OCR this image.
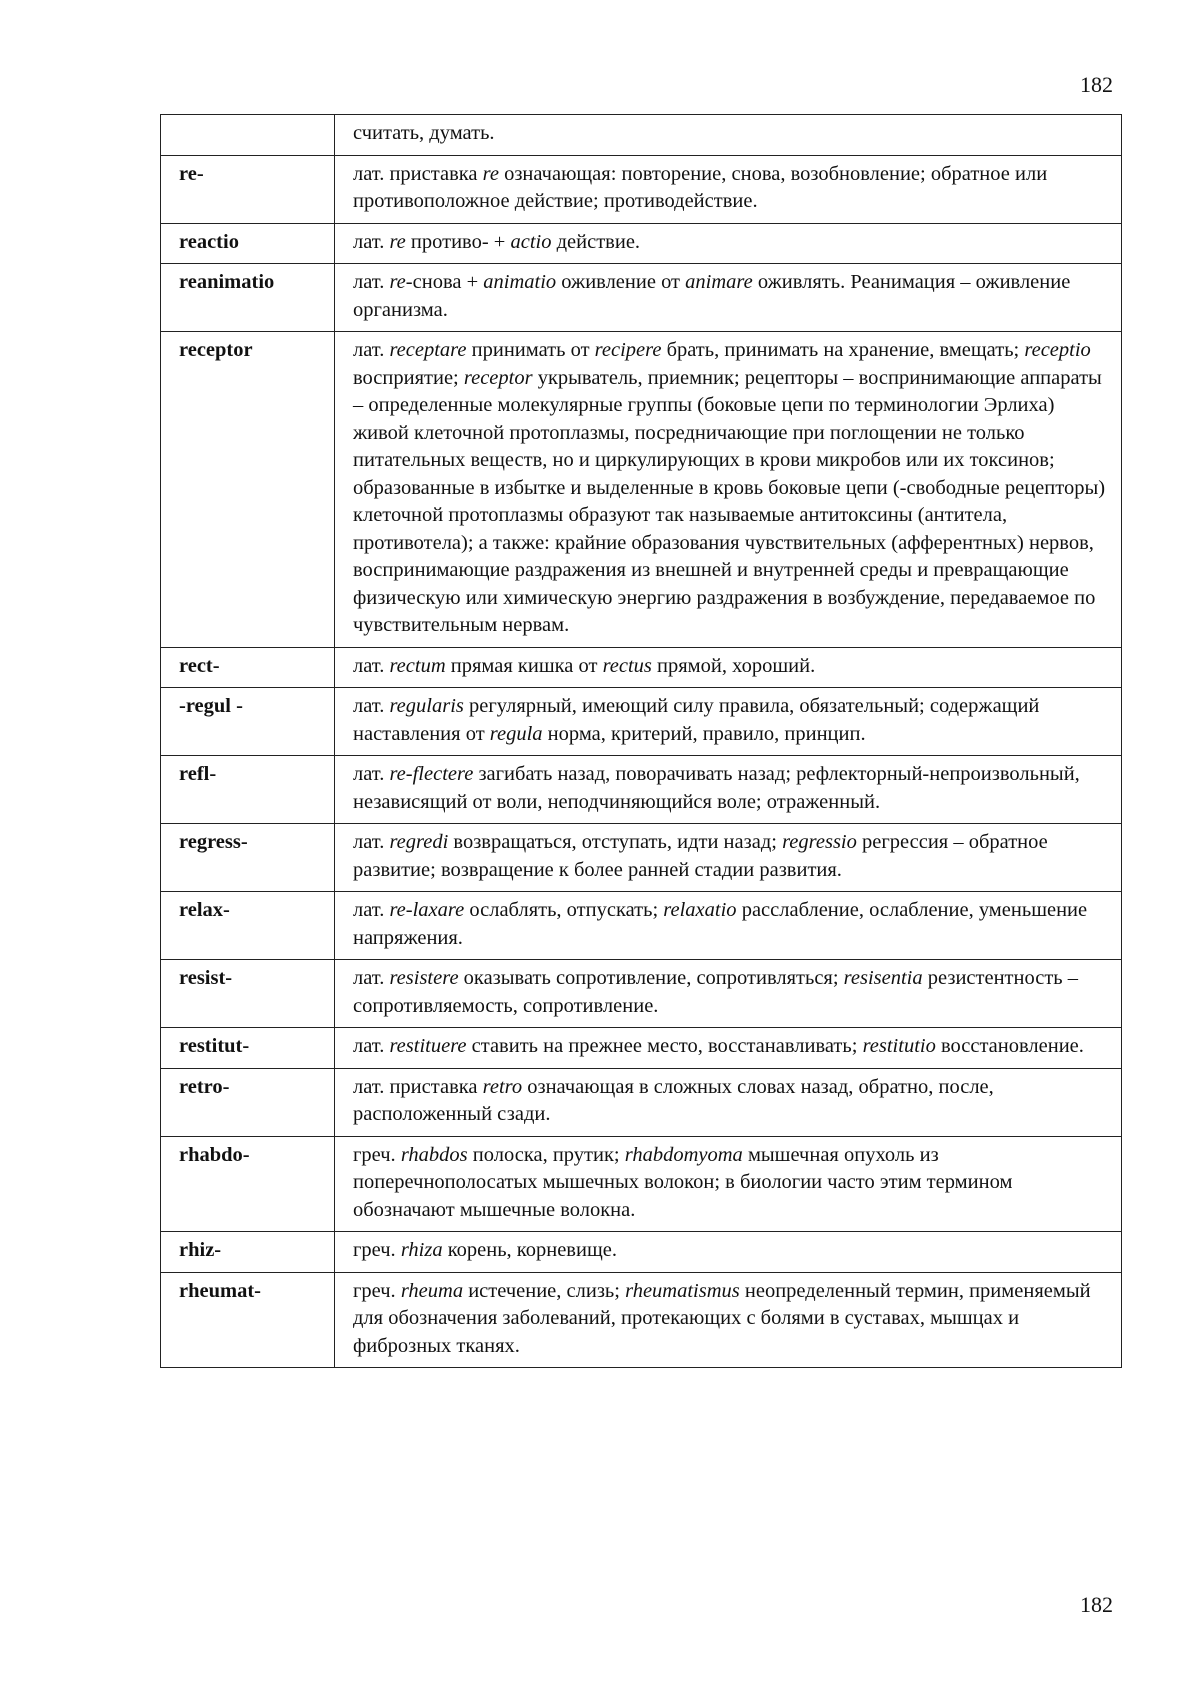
182
	считать, думать.
re-	лат. приставка re означающая: повторение, снова, возобновление; обратное или противоположное действие; противодействие.
reactio	лат. re противо- + actio действие.
reanimatio	лат. re-снова + animatio оживление от animare оживлять. Реанимация – оживление организма.
receptor	лат. receptare принимать от recipere брать, принимать на хранение, вмещать; receptio восприятие; receptor укрыватель, приемник; рецепторы – воспринимающие аппараты – определенные молекулярные группы (боковые цепи по терминологии Эрлиха) живой клеточной протоплазмы, посредничающие при поглощении не только питательных веществ, но и циркулирующих в крови микробов или их токсинов; образованные в избытке и выделенные в кровь боковые цепи (-свободные рецепторы) клеточной протоплазмы образуют так называемые антитоксины (антитела, противотела); а также: крайние образования чувствительных (афферентных) нервов, воспринимающие раздражения из внешней и внутренней среды и превращающие физическую или химическую энергию раздражения в возбуждение, передаваемое по чувствительным нервам.
rect-	лат. rectum прямая кишка от rectus прямой, хороший.
-regul -	лат. regularis регулярный, имеющий силу правила, обязательный; содержащий наставления от regula норма, критерий, правило, принцип.
refl-	лат. re-flectere загибать назад, поворачивать назад; рефлекторный-непроизвольный, независящий от воли, неподчиняющийся воле; отраженный.
regress-	лат. regredi возвращаться, отступать, идти назад; regressio регрессия – обратное развитие; возвращение к более ранней стадии развития.
relax-	лат. re-laxare ослаблять, отпускать; relaxatio расслабление, ослабление, уменьшение напряжения.
resist-	лат. resistere оказывать сопротивление, сопротивляться; resisentia резистентность – сопротивляемость, сопротивление.
restitut-	лат. restituere ставить на прежнее место, восстанавливать; restitutio восстановление.
retro-	лат. приставка retro означающая в сложных словах назад, обратно, после, расположенный сзади.
rhabdo-	греч. rhabdos полоска, прутик; rhabdomyoma мышечная опухоль из поперечнополосатых мышечных волокон; в биологии часто этим термином обозначают мышечные волокна.
rhiz-	греч. rhiza корень, корневище.
rheumat-	греч. rheuma истечение, слизь; rheumatismus неопределенный термин, применяемый для обозначения заболеваний, протекающих с болями в суставах, мышцах и фиброзных тканях.
182
